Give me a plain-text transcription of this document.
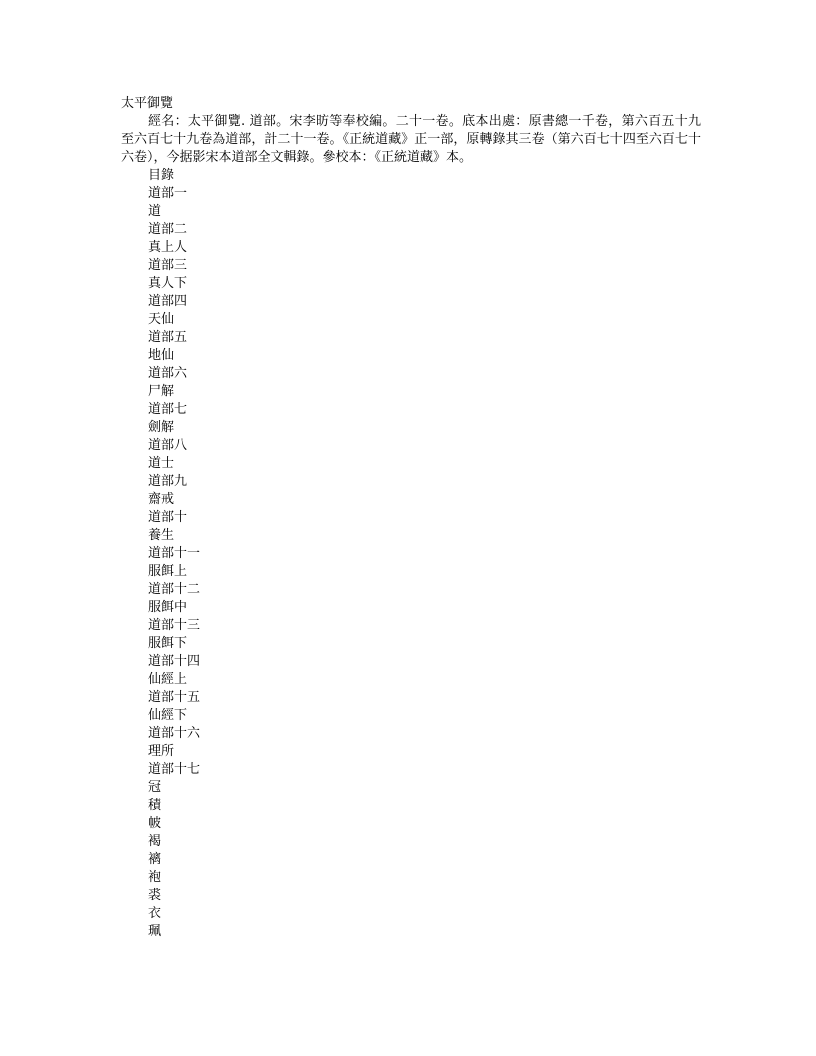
太平御覽

經名：太平御覽. 道部。宋李昉等奉校編。二十一卷。底本出處：原書總一千卷，第六百五十九至六百七十九卷為道部，計二十一卷。《正統道藏》正一部，原轉錄其三卷（第六百七十四至六百七十六卷），今据影宋本道部全文輯錄。參校本：《正統道藏》本。

目錄
道部一
道
道部二
真上人
道部三
真人下
道部四
天仙
道部五
地仙
道部六
尸解
道部七
劍解
道部八
道士
道部九
齋戒
道部十
養生
道部十一
服餌上
道部十二
服餌中
道部十三
服餌下
道部十四
仙經上
道部十五
仙經下
道部十六
理所
道部十七
冠
積
帔
褐
褵
袍
裘
衣
珮
